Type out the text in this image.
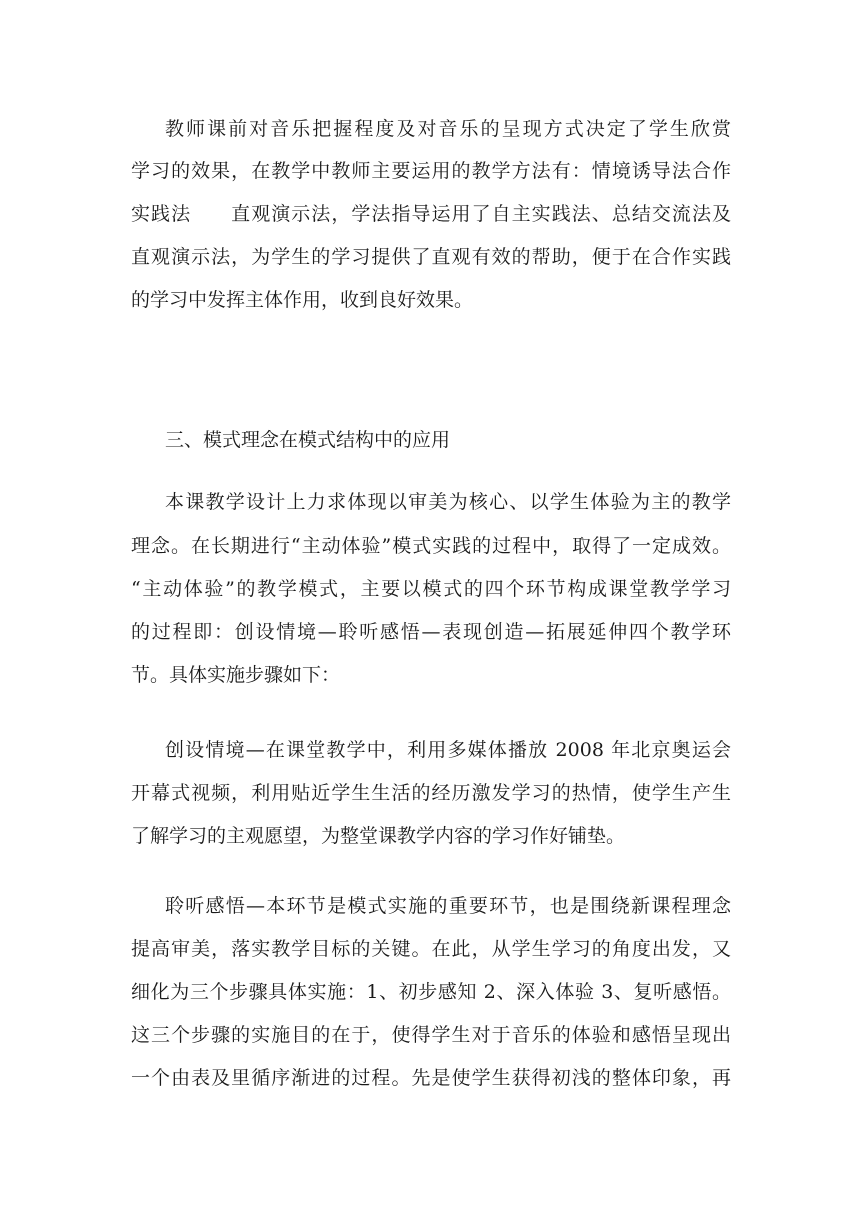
教师课前对音乐把握程度及对音乐的呈现方式决定了学生欣赏
学习的效果，在教学中教师主要运用的教学方法有：情境诱导法合作
实践法　　直观演示法，学法指导运用了自主实践法、总结交流法及
直观演示法，为学生的学习提供了直观有效的帮助，便于在合作实践
的学习中发挥主体作用，收到良好效果。
三、模式理念在模式结构中的应用
本课教学设计上力求体现以审美为核心、以学生体验为主的教学
理念。在长期进行“主动体验”模式实践的过程中，取得了一定成效。
“主动体验”的教学模式，主要以模式的四个环节构成课堂教学学习
的过程即：创设情境—聆听感悟—表现创造—拓展延伸四个教学环
节。具体实施步骤如下：
创设情境—在课堂教学中，利用多媒体播放 2008 年北京奥运会
开幕式视频，利用贴近学生生活的经历激发学习的热情，使学生产生
了解学习的主观愿望，为整堂课教学内容的学习作好铺垫。
聆听感悟—本环节是模式实施的重要环节，也是围绕新课程理念
提高审美，落实教学目标的关键。在此，从学生学习的角度出发，又
细化为三个步骤具体实施：1、初步感知 2、深入体验 3、复听感悟。
这三个步骤的实施目的在于，使得学生对于音乐的体验和感悟呈现出
一个由表及里循序渐进的过程。先是使学生获得初浅的整体印象，再
